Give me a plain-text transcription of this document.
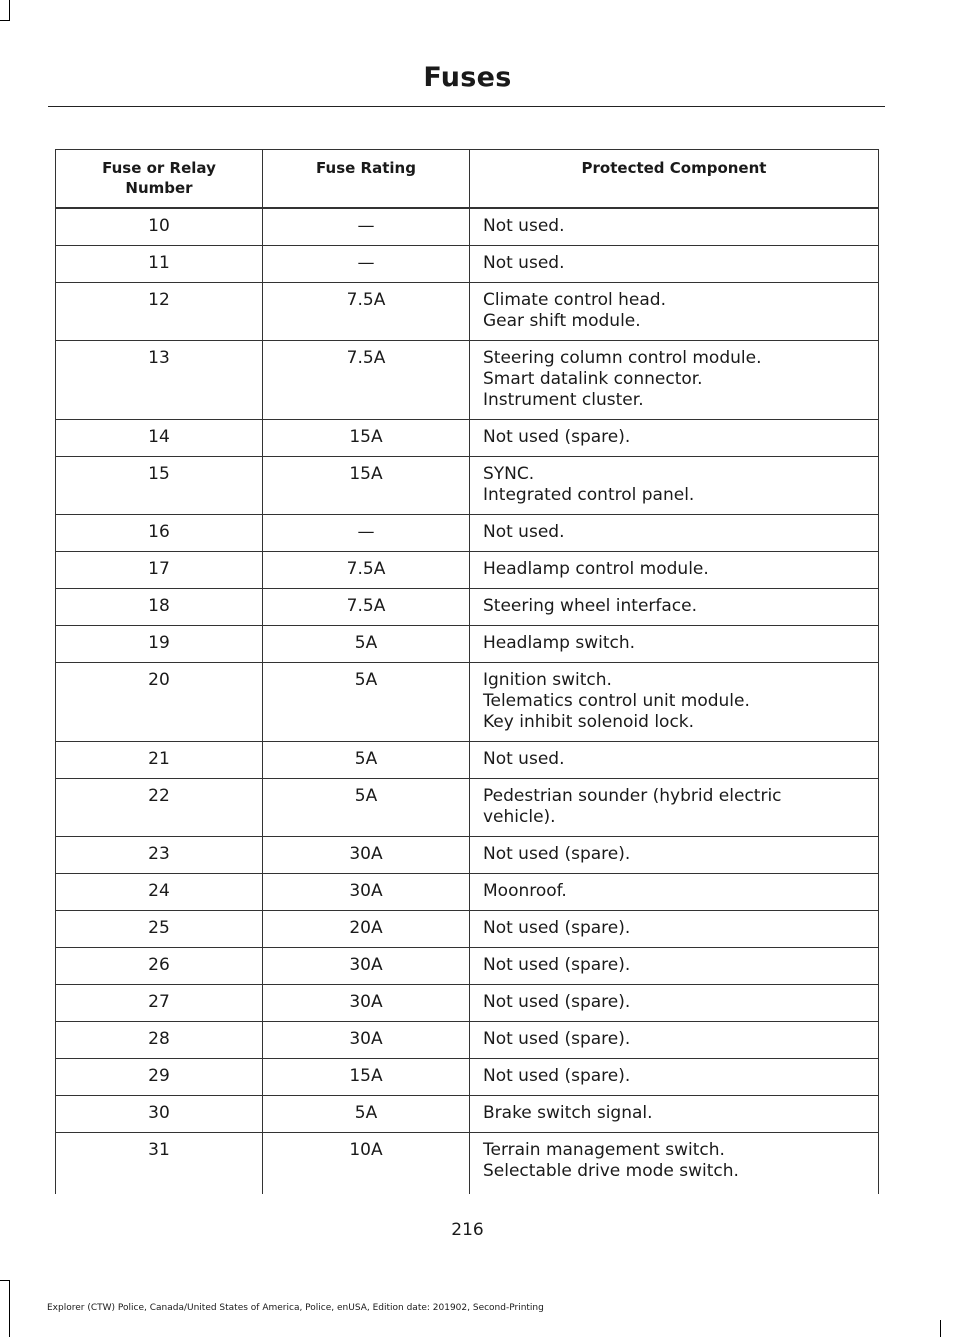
Fuses
Fuse or Relay
Number	Fuse Rating	Protected Component
10	—	Not used.

11	—	Not used.

12	7.5A	Climate control head.
Gear shift module.

13	7.5A	Steering column control module.
Smart datalink connector.
Instrument cluster.

14	15A	Not used (spare).

15	15A	SYNC.
Integrated control panel.

16	—	Not used.

17	7.5A	Headlamp control module.

18	7.5A	Steering wheel interface.

19	5A	Headlamp switch.

20	5A	Ignition switch.
Telematics control unit module.
Key inhibit solenoid lock.

21	5A	Not used.

22	5A	Pedestrian sounder (hybrid electric
vehicle).

23	30A	Not used (spare).

24	30A	Moonroof.

25	20A	Not used (spare).

26	30A	Not used (spare).

27	30A	Not used (spare).

28	30A	Not used (spare).

29	15A	Not used (spare).

30	5A	Brake switch signal.

31	10A	Terrain management switch.
Selectable drive mode switch.
216
Explorer (CTW) Police, Canada/United States of America, Police, enUSA, Edition date: 201902, Second-Printing
